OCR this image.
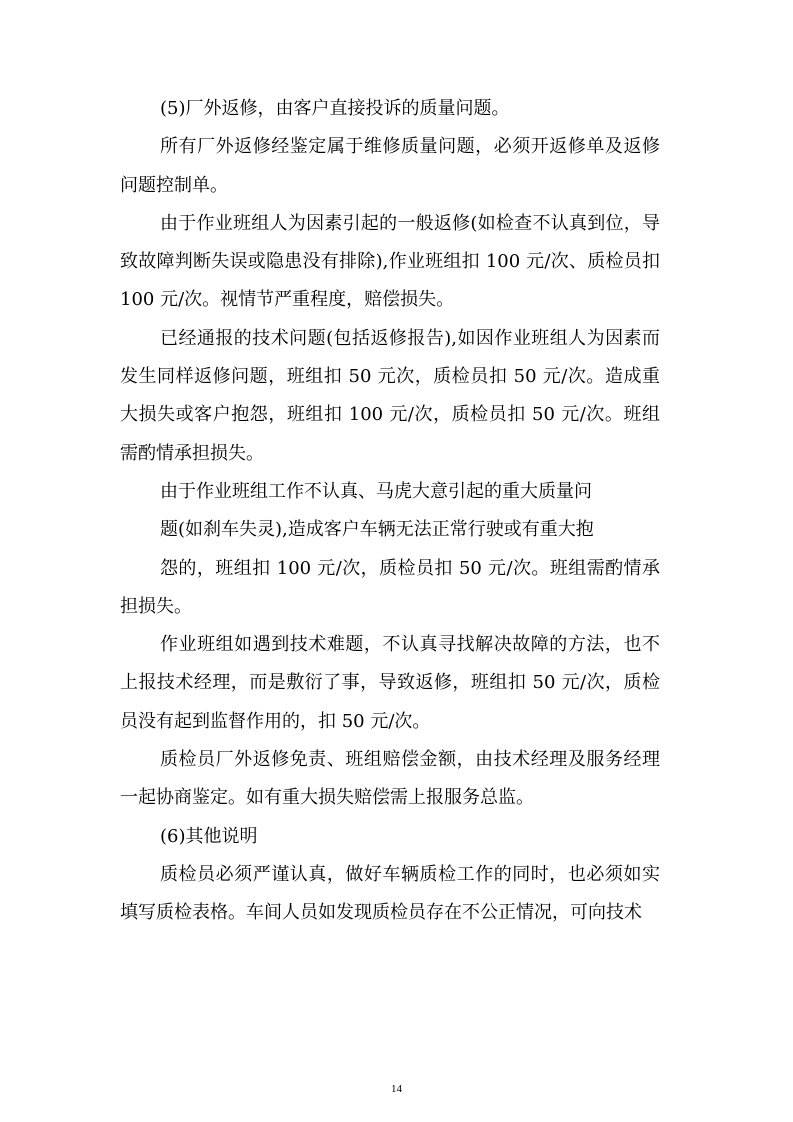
(5)厂外返修，由客户直接投诉的质量问题。

所有厂外返修经鉴定属于维修质量问题，必须开返修单及返修问题控制单。

由于作业班组人为因素引起的一般返修(如检查不认真到位，导致故障判断失误或隐患没有排除),作业班组扣 100 元/次、质检员扣 100 元/次。视情节严重程度，赔偿损失。

已经通报的技术问题(包括返修报告),如因作业班组人为因素而发生同样返修问题，班组扣 50 元次，质检员扣 50 元/次。造成重大损失或客户抱怨，班组扣 100 元/次，质检员扣 50 元/次。班组需酌情承担损失。

由于作业班组工作不认真、马虎大意引起的重大质量问

题(如刹车失灵),造成客户车辆无法正常行驶或有重大抱

怨的，班组扣 100 元/次，质检员扣 50 元/次。班组需酌情承担损失。

作业班组如遇到技术难题，不认真寻找解决故障的方法，也不上报技术经理，而是敷衍了事，导致返修，班组扣 50 元/次，质检员没有起到监督作用的，扣 50 元/次。

质检员厂外返修免责、班组赔偿金额，由技术经理及服务经理一起协商鉴定。如有重大损失赔偿需上报服务总监。

(6)其他说明

质检员必须严谨认真，做好车辆质检工作的同时，也必须如实填写质检表格。车间人员如发现质检员存在不公正情况，可向技术

14
